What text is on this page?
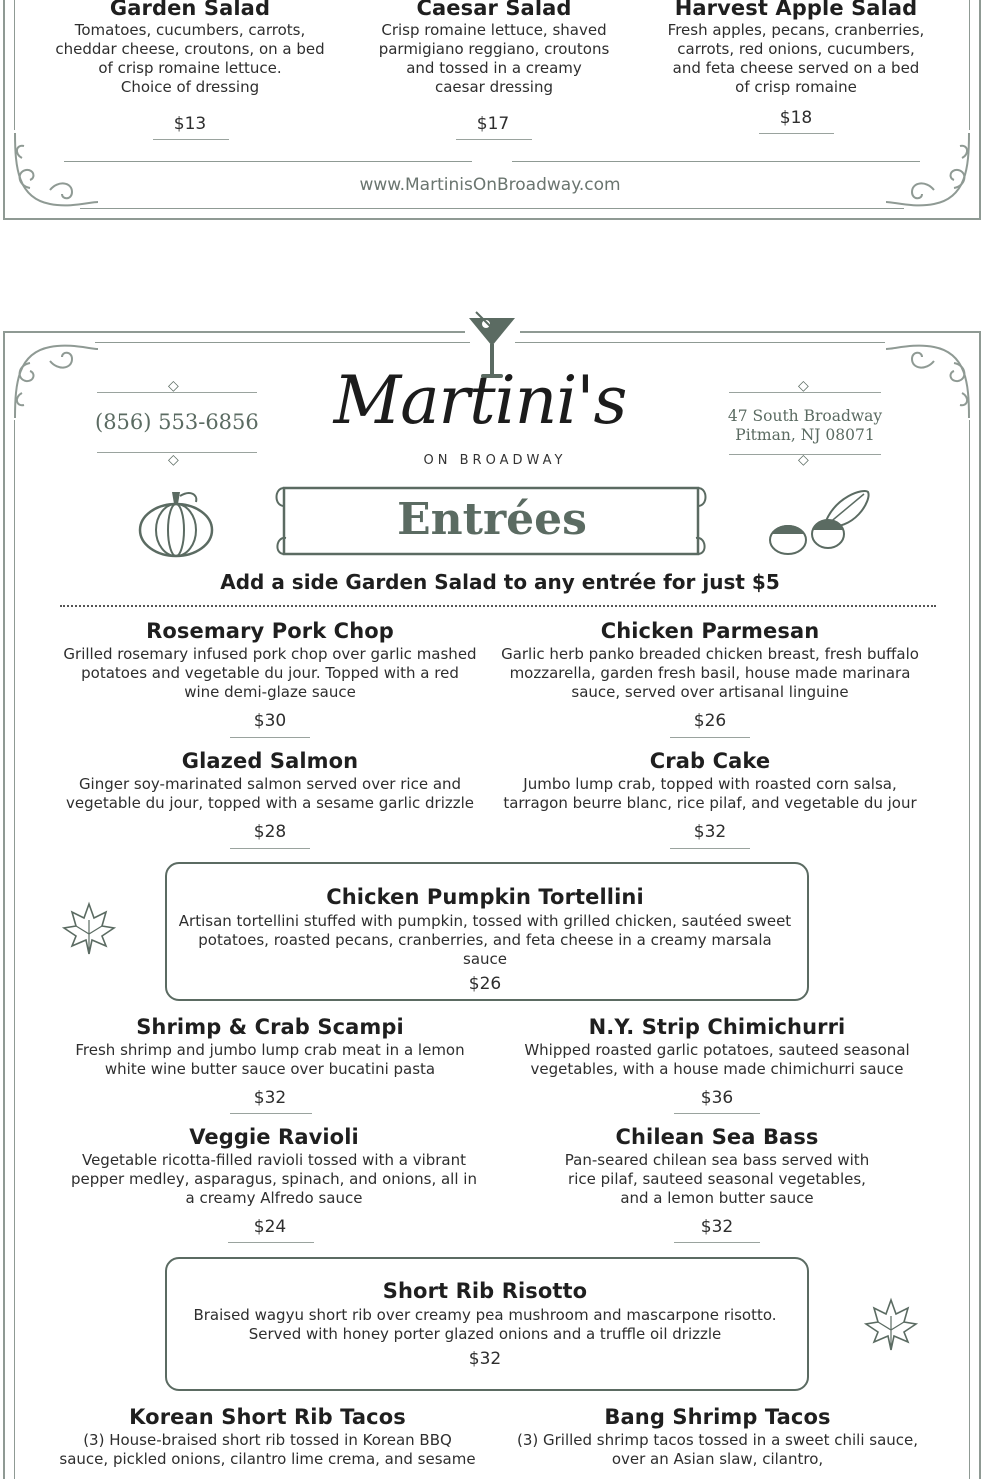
Garden Salad
Tomatoes, cucumbers, carrots,
cheddar cheese, croutons, on a bed
of crisp romaine lettuce.
Choice of dressing
$13
Caesar Salad
Crisp romaine lettuce, shaved
parmigiano reggiano, croutons
and tossed in a creamy
caesar dressing
$17
Harvest Apple Salad
Fresh apples, pecans, cranberries,
carrots, red onions, cucumbers,
and feta cheese served on a bed
of crisp romaine
$18
www.MartinisOnBroadway.com
(856) 553-6856
◇
◇
Martini's
ON BROADWAY
◇
47 South Broadway
Pitman, NJ 08071
◇
Entrées
Add a side Garden Salad to any entrée for just $5
Rosemary Pork Chop
Grilled rosemary infused pork chop over garlic mashed
potatoes and vegetable du jour. Topped with a red
wine demi-glaze sauce
$30
Chicken Parmesan
Garlic herb panko breaded chicken breast, fresh buffalo
mozzarella, garden fresh basil, house made marinara
sauce, served over artisanal linguine
$26
Glazed Salmon
Ginger soy-marinated salmon served over rice and
vegetable du jour, topped with a sesame garlic drizzle
$28
Crab Cake
Jumbo lump crab, topped with roasted corn salsa,
tarragon beurre blanc, rice pilaf, and vegetable du jour
$32
Chicken Pumpkin Tortellini
Artisan tortellini stuffed with pumpkin, tossed with grilled chicken, sautéed sweet
potatoes, roasted pecans, cranberries, and feta cheese in a creamy marsala sauce
$26
Shrimp & Crab Scampi
Fresh shrimp and jumbo lump crab meat in a lemon
white wine butter sauce over bucatini pasta
$32
N.Y. Strip Chimichurri
Whipped roasted garlic potatoes, sauteed seasonal
vegetables, with a house made chimichurri sauce
$36
Veggie Ravioli
Vegetable ricotta-filled ravioli tossed with a vibrant
pepper medley, asparagus, spinach, and onions, all in
a creamy Alfredo sauce
$24
Chilean Sea Bass
Pan-seared chilean sea bass served with
rice pilaf, sauteed seasonal vegetables,
and a lemon butter sauce
$32
Short Rib Risotto
Braised wagyu short rib over creamy pea mushroom and mascarpone risotto.
Served with honey porter glazed onions and a truffle oil drizzle
$32
Korean Short Rib Tacos
(3) House-braised short rib tossed in Korean BBQ
sauce, pickled onions, cilantro lime crema, and sesame
Bang Shrimp Tacos
(3) Grilled shrimp tacos tossed in a sweet chili sauce,
over an Asian slaw, cilantro,
